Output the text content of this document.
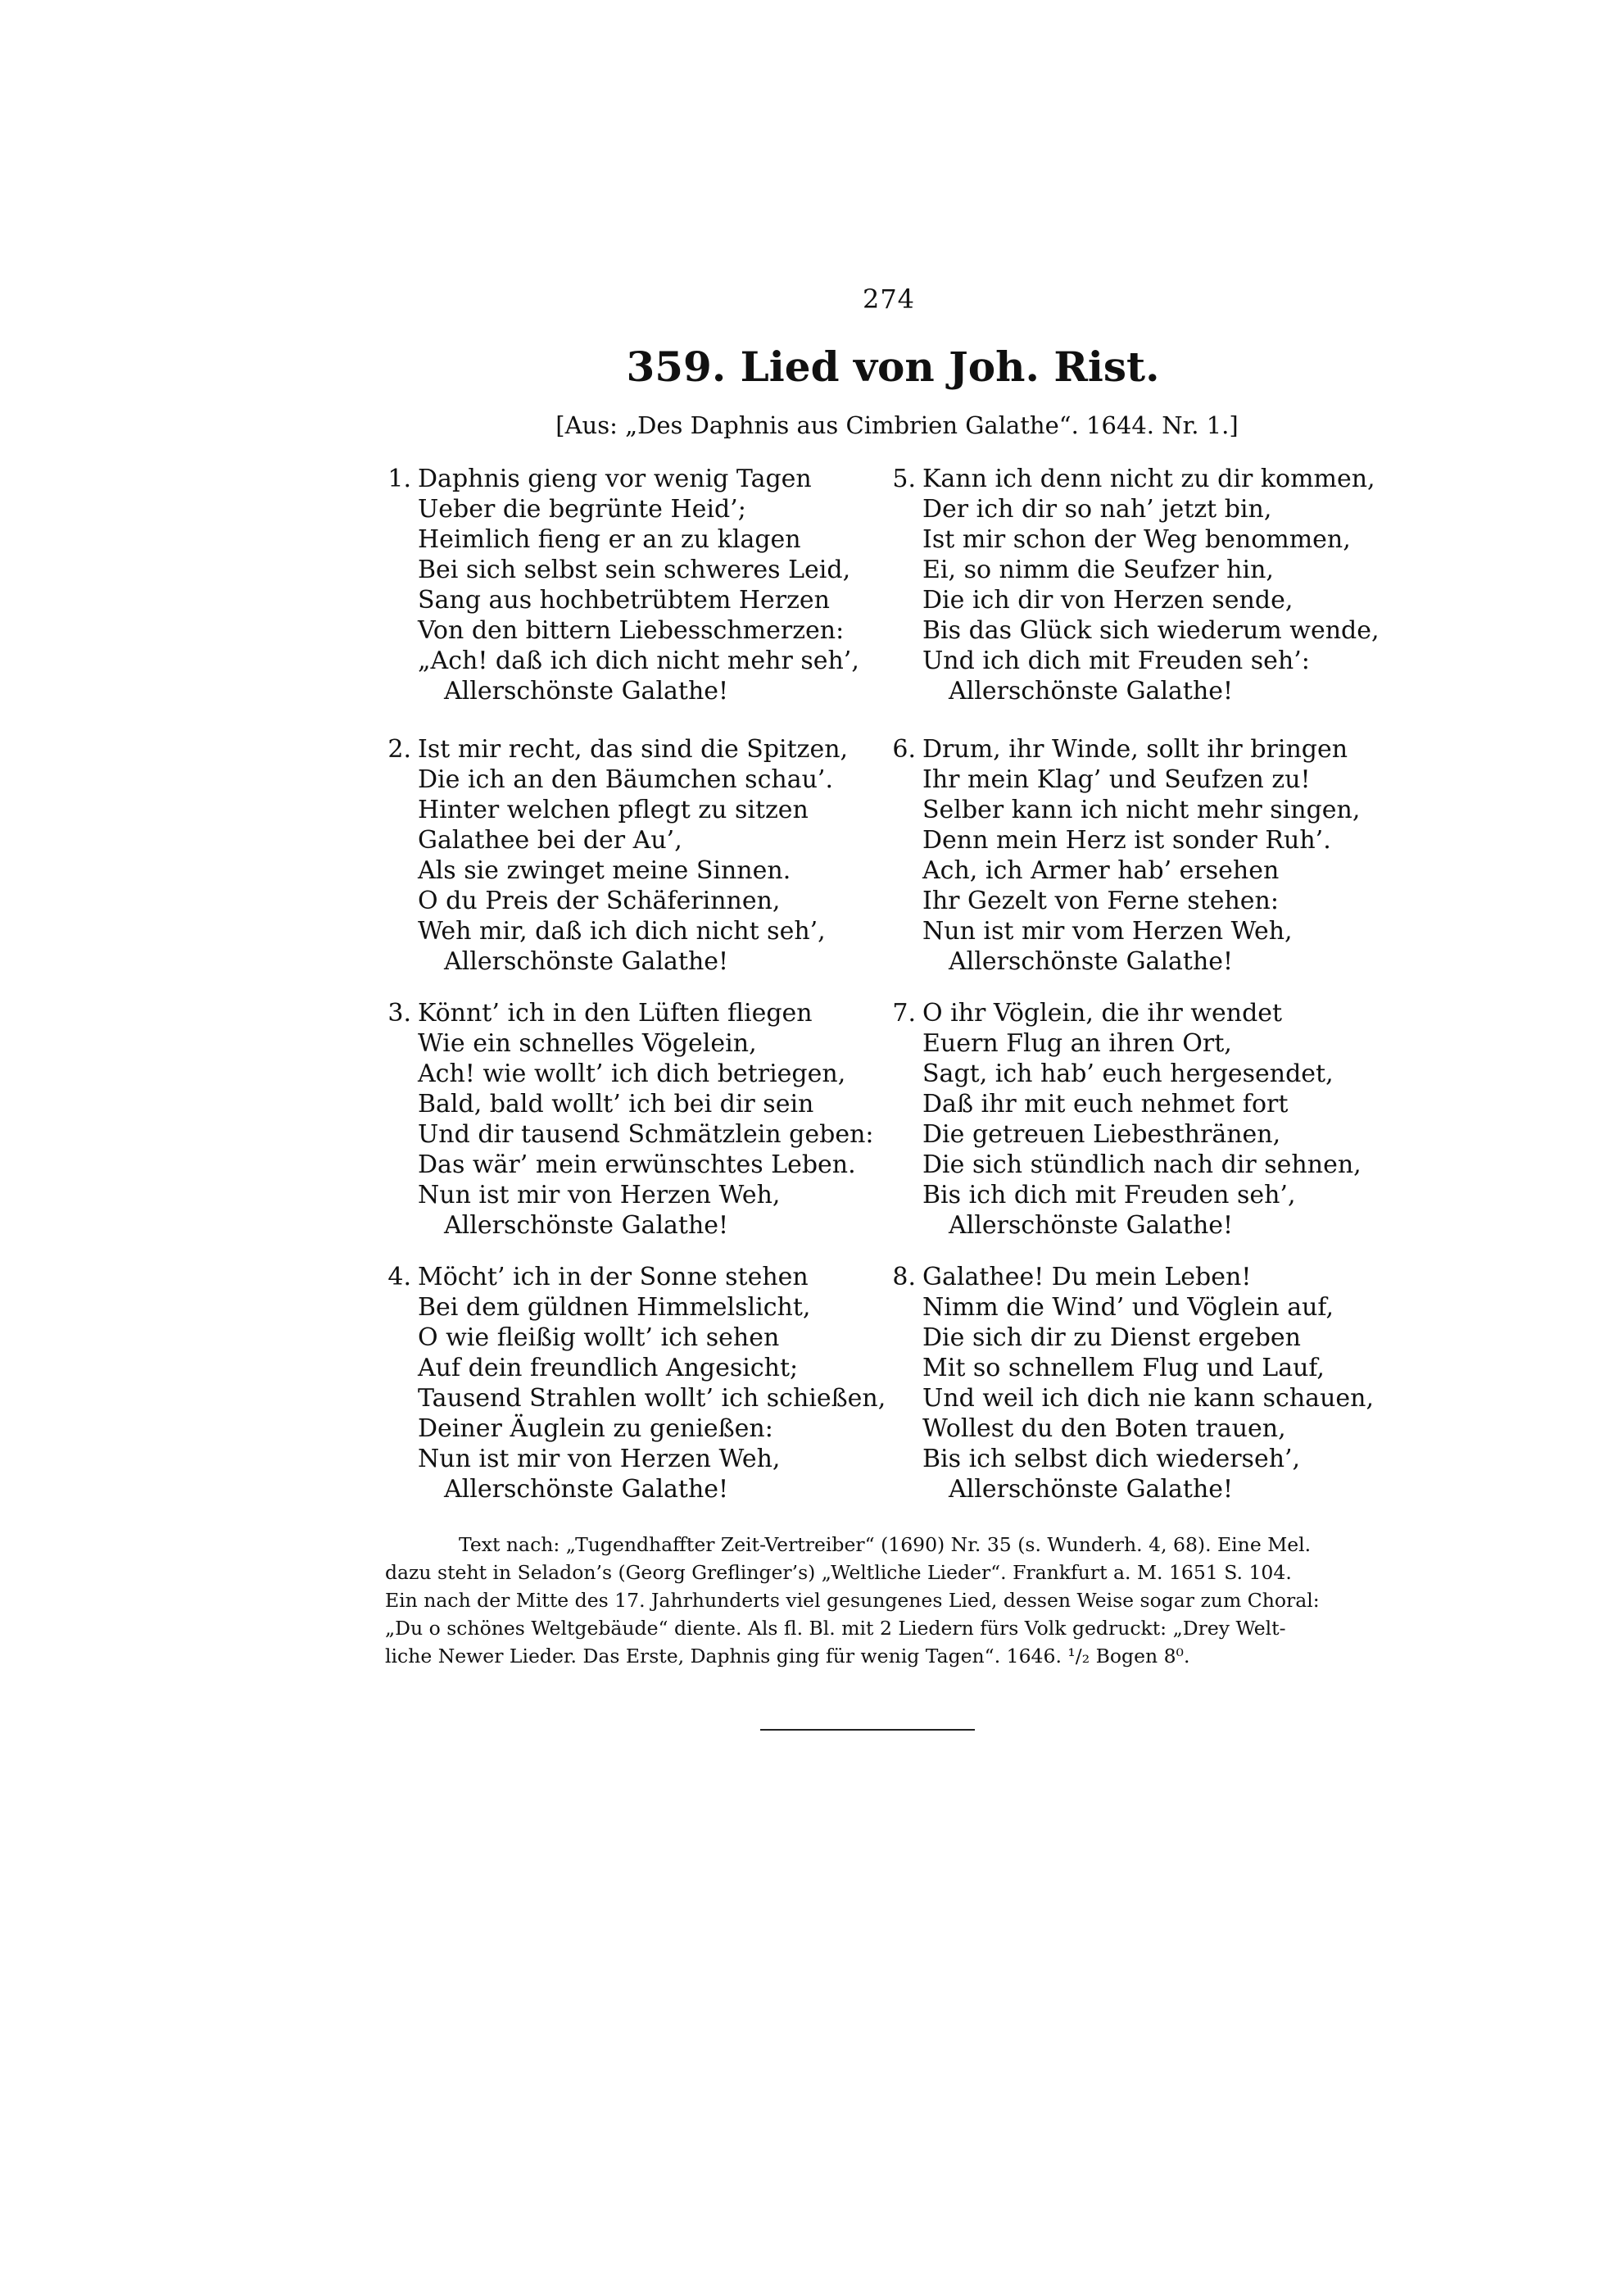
274
359. Lied von Joh. Rist.
[Aus: „Des Daphnis aus Cimbrien Galathe“. 1644. Nr. 1.]
1. Daphnis gieng vor wenig Tagen
Ueber die begrünte Heid’;
Heimlich fieng er an zu klagen
Bei sich selbst sein schweres Leid,
Sang aus hochbetrübtem Herzen
Von den bittern Liebesschmerzen:
„Ach! daß ich dich nicht mehr seh’,
Allerschönste Galathe!
2. Ist mir recht, das sind die Spitzen,
Die ich an den Bäumchen schau’.
Hinter welchen pflegt zu sitzen
Galathee bei der Au’,
Als sie zwinget meine Sinnen.
O du Preis der Schäferinnen,
Weh mir, daß ich dich nicht seh’,
Allerschönste Galathe!
3. Könnt’ ich in den Lüften fliegen
Wie ein schnelles Vögelein,
Ach! wie wollt’ ich dich betriegen,
Bald, bald wollt’ ich bei dir sein
Und dir tausend Schmätzlein geben:
Das wär’ mein erwünschtes Leben.
Nun ist mir von Herzen Weh,
Allerschönste Galathe!
4. Möcht’ ich in der Sonne stehen
Bei dem güldnen Himmelslicht,
O wie fleißig wollt’ ich sehen
Auf dein freundlich Angesicht;
Tausend Strahlen wollt’ ich schießen,
Deiner Äuglein zu genießen:
Nun ist mir von Herzen Weh,
Allerschönste Galathe!
5. Kann ich denn nicht zu dir kommen,
Der ich dir so nah’ jetzt bin,
Ist mir schon der Weg benommen,
Ei, so nimm die Seufzer hin,
Die ich dir von Herzen sende,
Bis das Glück sich wiederum wende,
Und ich dich mit Freuden seh’:
Allerschönste Galathe!
6. Drum, ihr Winde, sollt ihr bringen
Ihr mein Klag’ und Seufzen zu!
Selber kann ich nicht mehr singen,
Denn mein Herz ist sonder Ruh’.
Ach, ich Armer hab’ ersehen
Ihr Gezelt von Ferne stehen:
Nun ist mir vom Herzen Weh,
Allerschönste Galathe!
7. O ihr Vöglein, die ihr wendet
Euern Flug an ihren Ort,
Sagt, ich hab’ euch hergesendet,
Daß ihr mit euch nehmet fort
Die getreuen Liebesthränen,
Die sich stündlich nach dir sehnen,
Bis ich dich mit Freuden seh’,
Allerschönste Galathe!
8. Galathee! Du mein Leben!
Nimm die Wind’ und Vöglein auf,
Die sich dir zu Dienst ergeben
Mit so schnellem Flug und Lauf,
Und weil ich dich nie kann schauen,
Wollest du den Boten trauen,
Bis ich selbst dich wiederseh’,
Allerschönste Galathe!
Text nach: „Tugendhaffter Zeit-Vertreiber“ (1690) Nr. 35 (s. Wunderh. 4, 68). Eine Mel.
dazu steht in Seladon’s (Georg Greflinger’s) „Weltliche Lieder“. Frankfurt a. M. 1651 S. 104.
Ein nach der Mitte des 17. Jahrhunderts viel gesungenes Lied, dessen Weise sogar zum Choral:
„Du o schönes Weltgebäude“ diente. Als fl. Bl. mit 2 Liedern fürs Volk gedruckt: „Drey Welt-
liche Newer Lieder. Das Erste, Daphnis ging für wenig Tagen“. 1646. ¹/₂ Bogen 8⁰.
